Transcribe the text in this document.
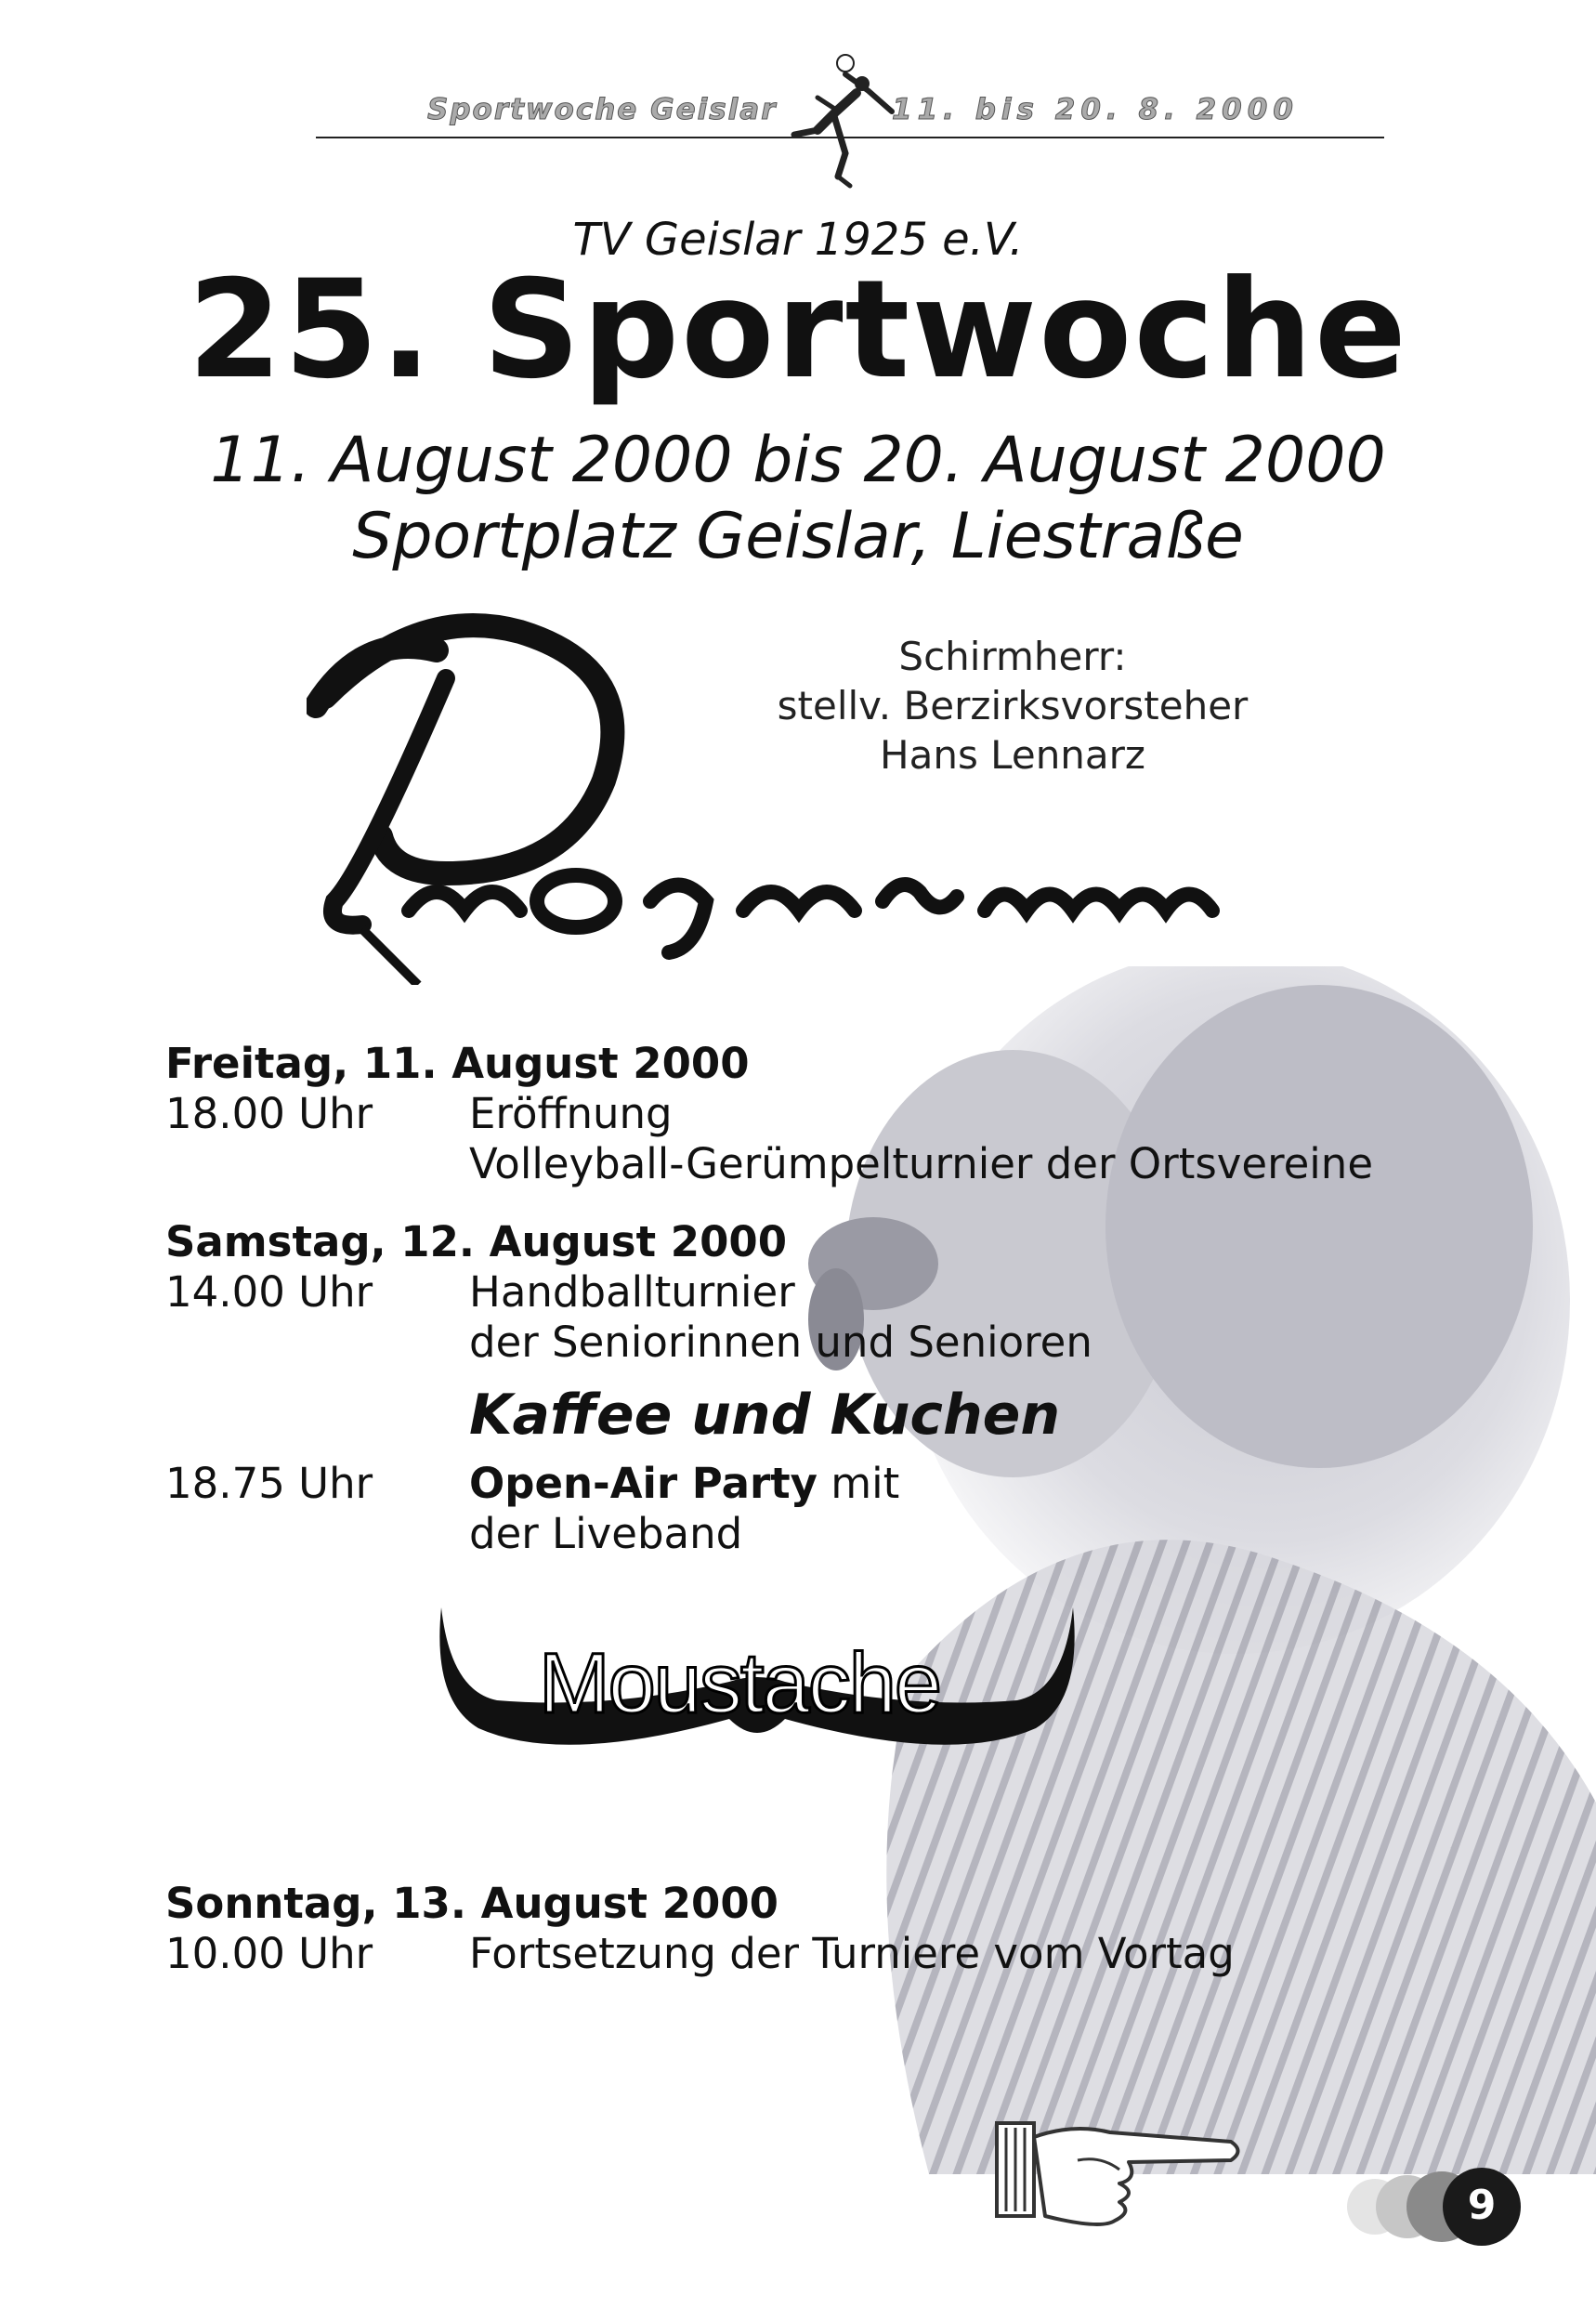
Sportwoche Geislar	11. bis 20. 8. 2000
TV Geislar 1925 e.V.
25. Sportwoche
11. August 2000 bis 20. August 2000
Sportplatz Geislar, Liestraße
Programm
Schirmherr:
stellv. Berzirksvorsteher
Hans Lennarz
Freitag, 11. August 2000
18.00 Uhr Eröffnung
Volleyball-Gerümpelturnier der Ortsvereine
Samstag, 12. August 2000
14.00 Uhr Handballturnier
der Seniorinnen und Senioren
Kaffee und Kuchen
18.75 Uhr Open-Air Party mit
der Liveband
Moustache
Sonntag, 13. August 2000
10.00 Uhr Fortsetzung der Turniere vom Vortag
9
